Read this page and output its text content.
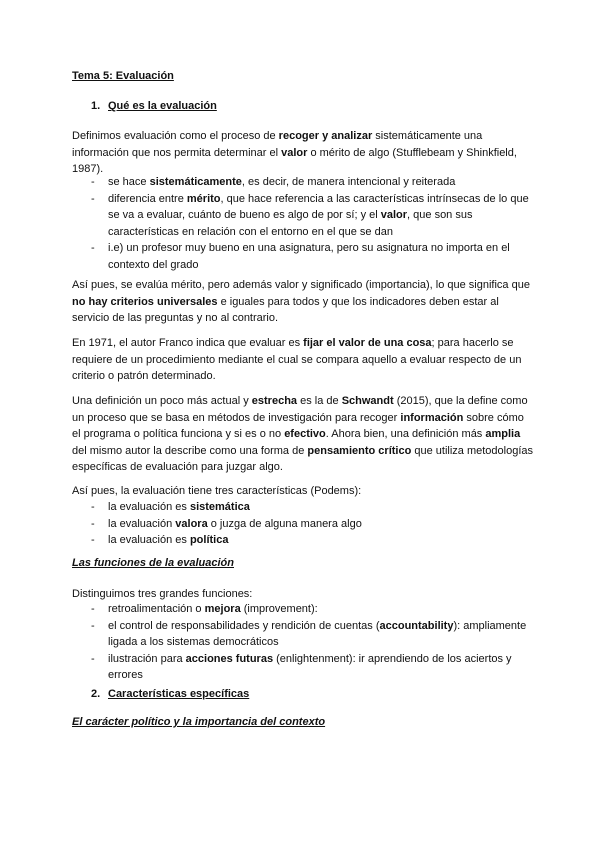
Tema 5: Evaluación
1. Qué es la evaluación

Definimos evaluación como el proceso de recoger y analizar sistemáticamente una información que nos permita determinar el valor o mérito de algo (Stufflebeam y Shinkfield, 1987).

- se hace sistemáticamente, es decir, de manera intencional y reiterada
- diferencia entre mérito, que hace referencia a las características intrínsecas de lo que se va a evaluar, cuánto de bueno es algo de por sí; y el valor, que son sus características en relación con el entorno en el que se dan
- i.e) un profesor muy bueno en una asignatura, pero su asignatura no importa en el contexto del grado

Así pues, se evalúa mérito, pero además valor y significado (importancia), lo que significa que no hay criterios universales e iguales para todos y que los indicadores deben estar al servicio de las preguntas y no al contrario.

En 1971, el autor Franco indica que evaluar es fijar el valor de una cosa; para hacerlo se requiere de un procedimiento mediante el cual se compara aquello a evaluar respecto de un criterio o patrón determinado.

Una definición un poco más actual y estrecha es la de Schwandt (2015), que la define como un proceso que se basa en métodos de investigación para recoger información sobre cómo el programa o política funciona y si es o no efectivo. Ahora bien, una definición más amplia del mismo autor la describe como una forma de pensamiento crítico que utiliza metodologías específicas de evaluación para juzgar algo.

Así pues, la evaluación tiene tres características (Podems):

- la evaluación es sistemática
- la evaluación valora o juzga de alguna manera algo
- la evaluación es política
Las funciones de la evaluación

Distinguimos tres grandes funciones:

- retroalimentación o mejora (improvement):
- el control de responsabilidades y rendición de cuentas (accountability): ampliamente ligada a los sistemas democráticos
- ilustración para acciones futuras (enlightenment): ir aprendiendo de los aciertos y errores
2. Características específicas
El carácter político y la importancia del contexto
